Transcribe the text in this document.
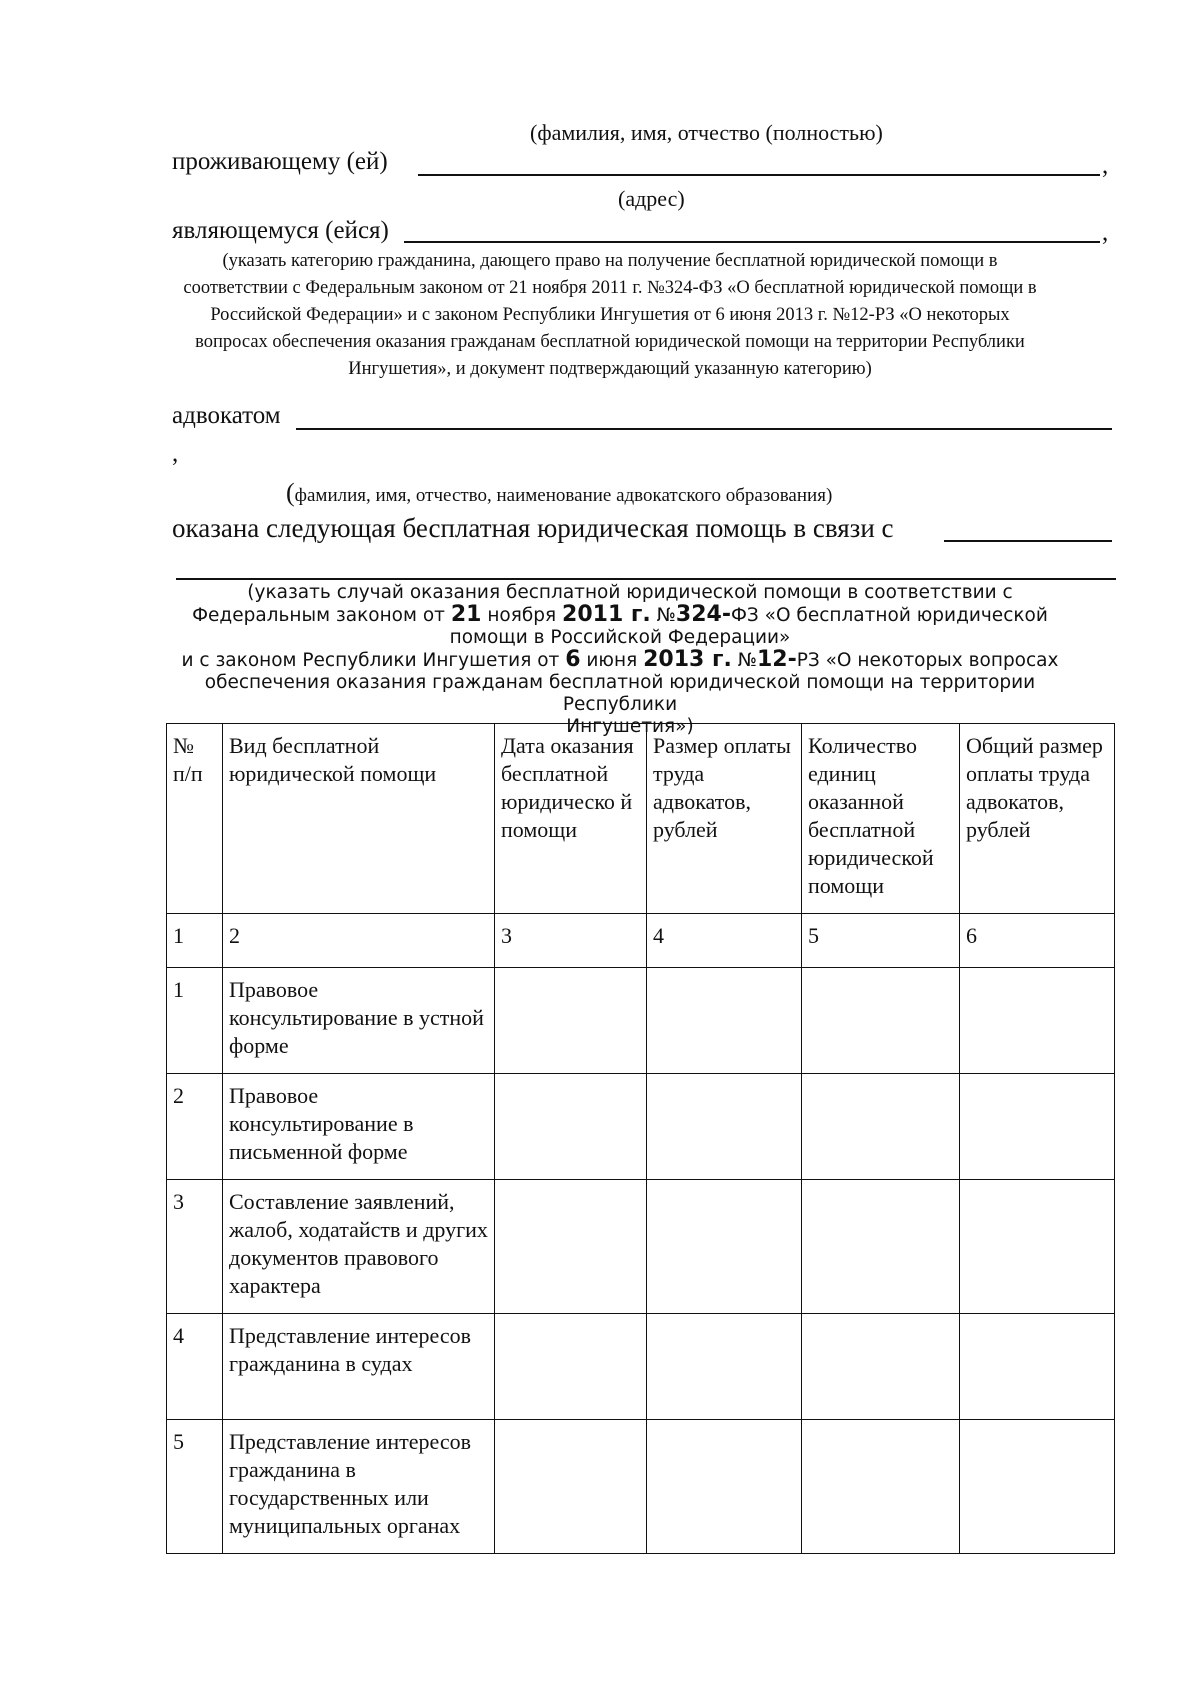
(фамилия, имя, отчество (полностью)
проживающему (ей)	,
(адрес)
являющемуся (ейся)	,
(указать категорию гражданина, дающего право на получение бесплатной юридической помощи в
соответствии с Федеральным законом от 21 ноября 2011 г. №324-ФЗ «О бесплатной юридической помощи в
Российской Федерации» и с законом Республики Ингушетия от 6 июня 2013 г. №12-РЗ «О некоторых
вопросах обеспечения оказания гражданам бесплатной юридической помощи на территории Республики
Ингушетия», и документ подтверждающий указанную категорию)
адвокатом
,
(фамилия, имя, отчество, наименование адвокатского образования)
оказана следующая бесплатная юридическая помощь в связи с
(указать случай оказания бесплатной юридической помощи в соответствии с
Федеральным законом от 21 ноября 2011 г. №324-ФЗ «О бесплатной юридической
помощи в Российской Федерации»
и с законом Республики Ингушетия от 6 июня 2013 г. №12-РЗ «О некоторых вопросах
обеспечения оказания гражданам бесплатной юридической помощи на территории Республики
Ингушетия»)
№ п/п	Вид бесплатной юридической помощи	Дата оказания бесплатной юридическо й помощи	Размер оплаты труда адвокатов, рублей	Количество единиц оказанной бесплатной юридической помощи	Общий размер оплаты труда адвокатов, рублей
1	2	3	4	5	6
1	Правовое консультирование в устной форме				
2	Правовое консультирование в письменной форме				
3	Составление заявлений, жалоб, ходатайств и других документов правового характера				
4	Представление интересов гражданина в судах				
5	Представление интересов гражданина в государственных или муниципальных органах				
